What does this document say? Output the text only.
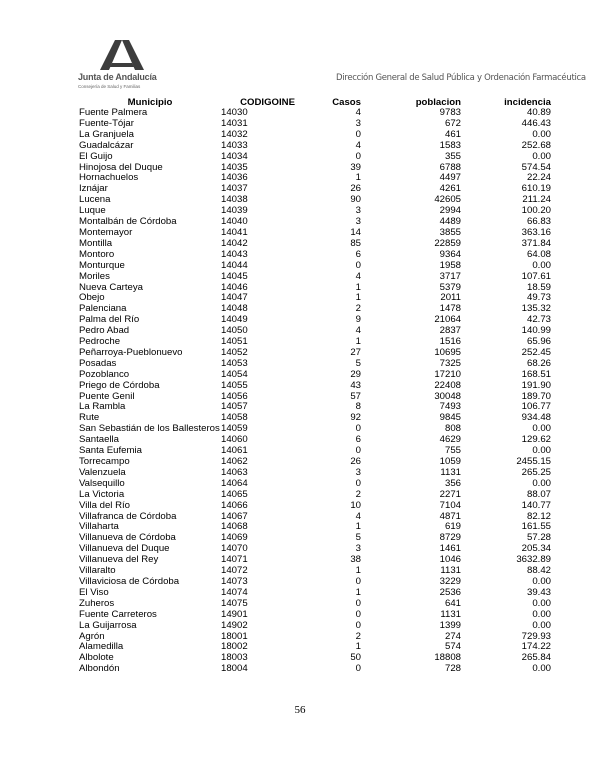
Junta de Andalucía
Consejería de Salud y Familias
Dirección General de Salud Pública y Ordenación Farmacéutica
Municipio	CODIGOINE	Casos	poblacion	incidencia
Fuente Palmera	14030	4	9783	40.89
Fuente-Tójar	14031	3	672	446.43
La Granjuela	14032	0	461	0.00
Guadalcázar	14033	4	1583	252.68
El Guijo	14034	0	355	0.00
Hinojosa del Duque	14035	39	6788	574.54
Hornachuelos	14036	1	4497	22.24
Iznájar	14037	26	4261	610.19
Lucena	14038	90	42605	211.24
Luque	14039	3	2994	100.20
Montalbán de Córdoba	14040	3	4489	66.83
Montemayor	14041	14	3855	363.16
Montilla	14042	85	22859	371.84
Montoro	14043	6	9364	64.08
Monturque	14044	0	1958	0.00
Moriles	14045	4	3717	107.61
Nueva Carteya	14046	1	5379	18.59
Obejo	14047	1	2011	49.73
Palenciana	14048	2	1478	135.32
Palma del Río	14049	9	21064	42.73
Pedro Abad	14050	4	2837	140.99
Pedroche	14051	1	1516	65.96
Peñarroya-Pueblonuevo	14052	27	10695	252.45
Posadas	14053	5	7325	68.26
Pozoblanco	14054	29	17210	168.51
Priego de Córdoba	14055	43	22408	191.90
Puente Genil	14056	57	30048	189.70
La Rambla	14057	8	7493	106.77
Rute	14058	92	9845	934.48
San Sebastián de los Ballesteros	14059	0	808	0.00
Santaella	14060	6	4629	129.62
Santa Eufemia	14061	0	755	0.00
Torrecampo	14062	26	1059	2455.15
Valenzuela	14063	3	1131	265.25
Valsequillo	14064	0	356	0.00
La Victoria	14065	2	2271	88.07
Villa del Río	14066	10	7104	140.77
Villafranca de Córdoba	14067	4	4871	82.12
Villaharta	14068	1	619	161.55
Villanueva de Córdoba	14069	5	8729	57.28
Villanueva del Duque	14070	3	1461	205.34
Villanueva del Rey	14071	38	1046	3632.89
Villaralto	14072	1	1131	88.42
Villaviciosa de Córdoba	14073	0	3229	0.00
El Viso	14074	1	2536	39.43
Zuheros	14075	0	641	0.00
Fuente Carreteros	14901	0	1131	0.00
La Guijarrosa	14902	0	1399	0.00
Agrón	18001	2	274	729.93
Alamedilla	18002	1	574	174.22
Albolote	18003	50	18808	265.84
Albondón	18004	0	728	0.00
56
